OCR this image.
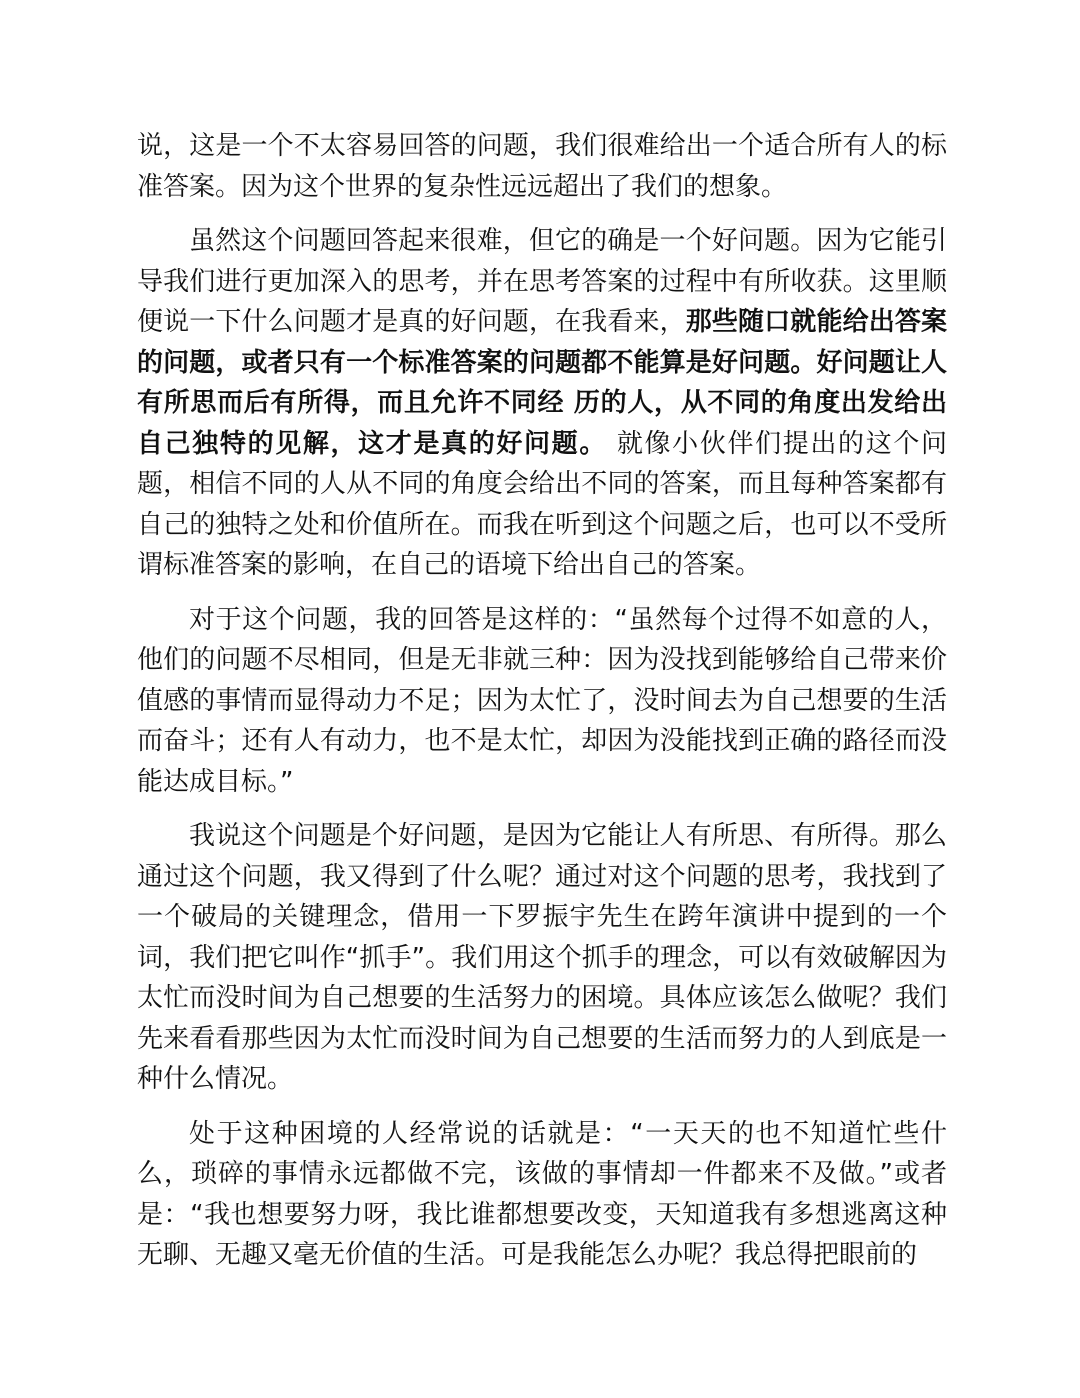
说，这是一个不太容易回答的问题，我们很难给出一个适合所有人的标准答案。因为这个世界的复杂性远远超出了我们的想象。

虽然这个问题回答起来很难，但它的确是一个好问题。因为它能引导我们进行更加深入的思考，并在思考答案的过程中有所收获。这里顺便说一下什么问题才是真的好问题，在我看来，那些随口就能给出答案的问题，或者只有一个标准答案的问题都不能算是好问题。好问题让人有所思而后有所得，而且允许不同经 历的人，从不同的角度出发给出自己独特的见解，这才是真的好问题。 就像小伙伴们提出的这个问题，相信不同的人从不同的角度会给出不同的答案，而且每种答案都有自己的独特之处和价值所在。而我在听到这个问题之后，也可以不受所谓标准答案的影响，在自己的语境下给出自己的答案。

对于这个问题，我的回答是这样的：“虽然每个过得不如意的人，他们的问题不尽相同，但是无非就三种：因为没找到能够给自己带来价值感的事情而显得动力不足；因为太忙了，没时间去为自己想要的生活而奋斗；还有人有动力，也不是太忙，却因为没能找到正确的路径而没能达成目标。”

我说这个问题是个好问题，是因为它能让人有所思、有所得。那么通过这个问题，我又得到了什么呢？通过对这个问题的思考，我找到了一个破局的关键理念，借用一下罗振宇先生在跨年演讲中提到的一个词，我们把它叫作“抓手”。我们用这个抓手的理念，可以有效破解因为太忙而没时间为自己想要的生活努力的困境。具体应该怎么做呢？我们先来看看那些因为太忙而没时间为自己想要的生活而努力的人到底是一种什么情况。

处于这种困境的人经常说的话就是：“一天天的也不知道忙些什么，琐碎的事情永远都做不完，该做的事情却一件都来不及做。”或者是：“我也想要努力呀，我比谁都想要改变，天知道我有多想逃离这种无聊、无趣又毫无价值的生活。可是我能怎么办呢？我总得把眼前的
